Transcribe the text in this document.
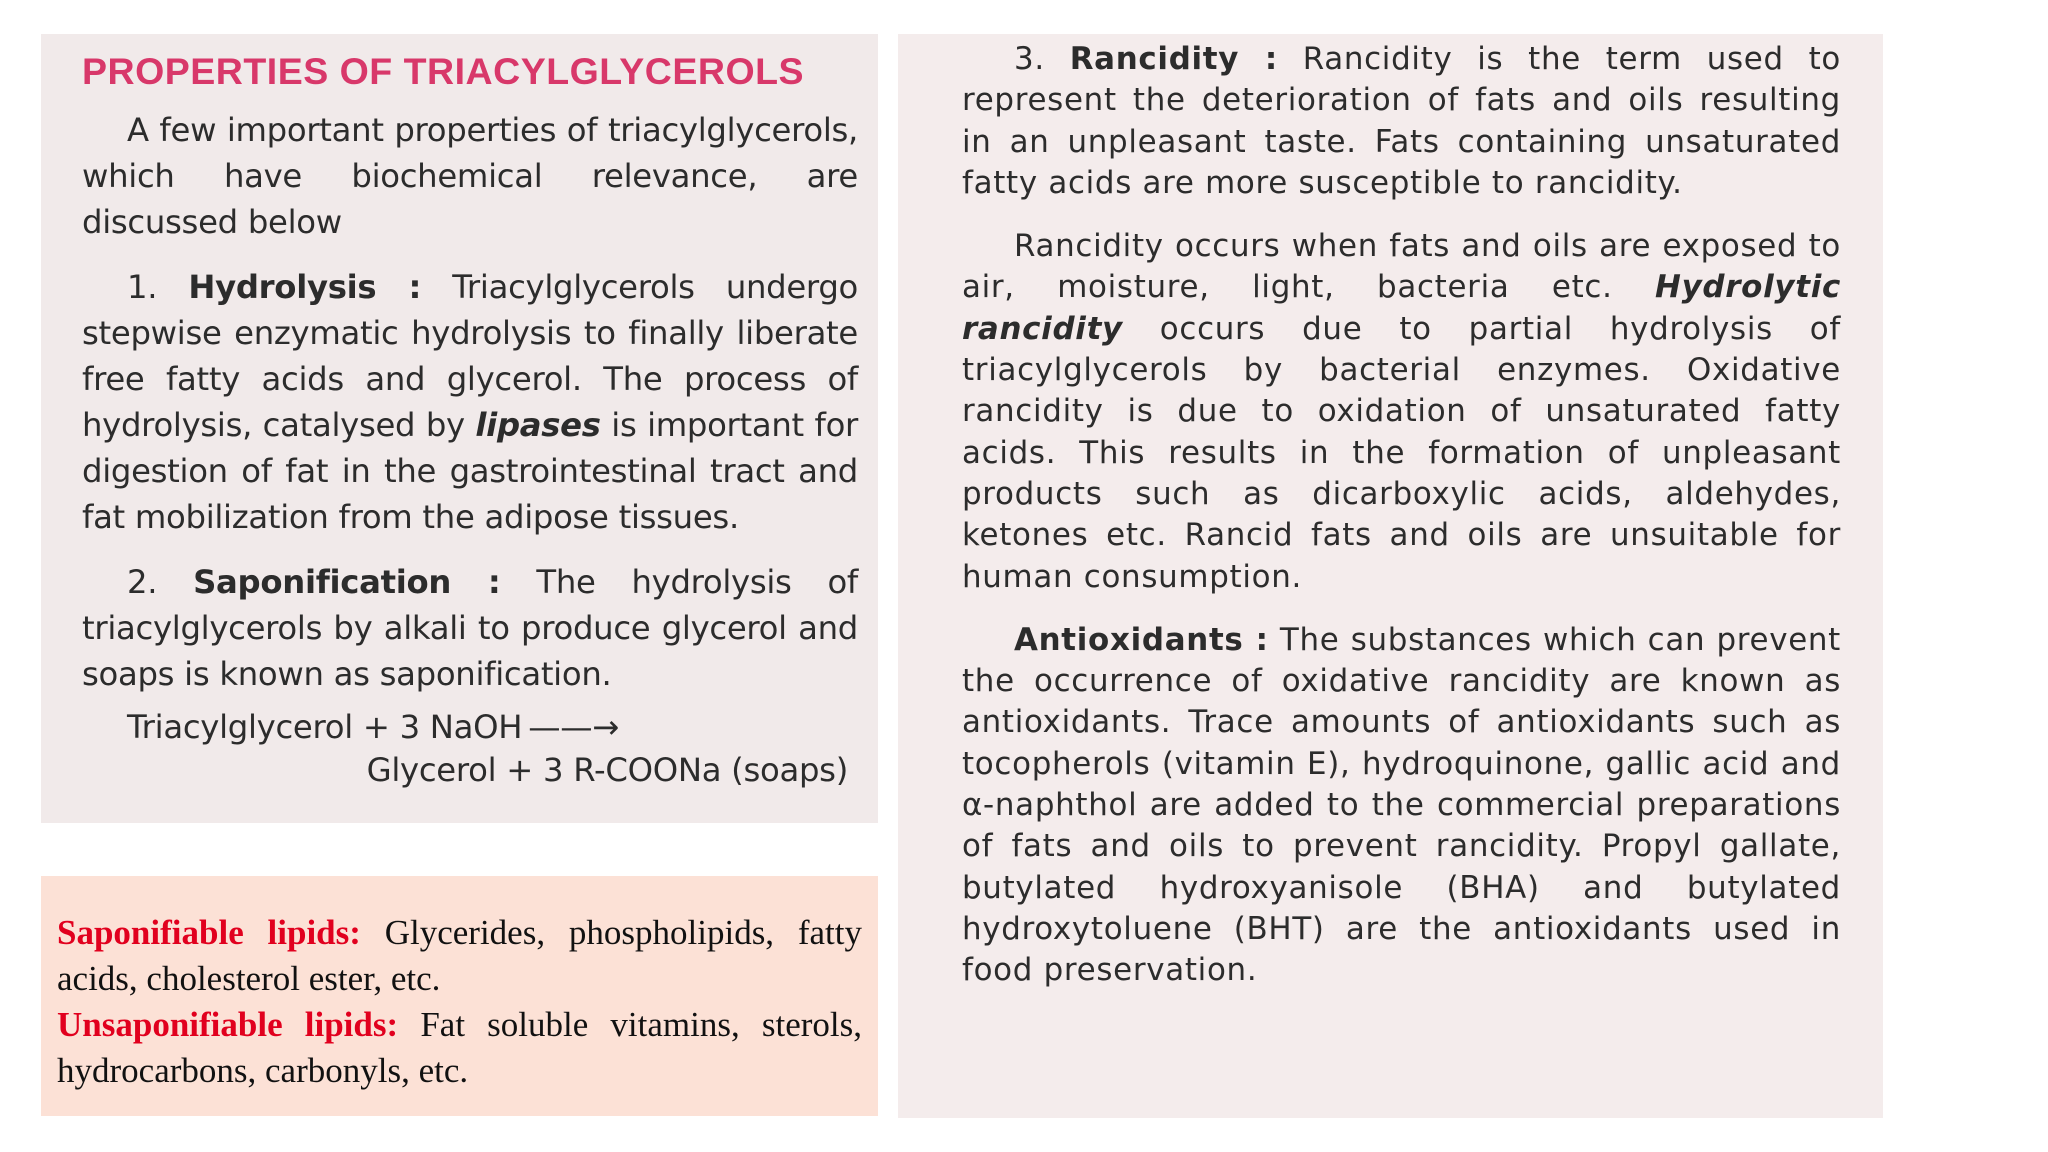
PROPERTIES OF TRIACYLGLYCEROLS

A few important properties of triacylglycerols, which have biochemical relevance, are discussed below

1. Hydrolysis : Triacylglycerols undergo stepwise enzymatic hydrolysis to finally liberate free fatty acids and glycerol. The process of hydrolysis, catalysed by lipases is important for digestion of fat in the gastrointestinal tract and fat mobilization from the adipose tissues.

2. Saponification : The hydrolysis of triacylglycerols by alkali to produce glycerol and soaps is known as saponification.

Triacylglycerol + 3 NaOH ——→
Glycerol + 3 R-COONa (soaps)

3. Rancidity : Rancidity is the term used to represent the deterioration of fats and oils resulting in an unpleasant taste. Fats containing unsaturated fatty acids are more susceptible to rancidity.

Rancidity occurs when fats and oils are exposed to air, moisture, light, bacteria etc. Hydrolytic rancidity occurs due to partial hydrolysis of triacylglycerols by bacterial enzymes. Oxidative rancidity is due to oxidation of unsaturated fatty acids. This results in the formation of unpleasant products such as dicarboxylic acids, aldehydes, ketones etc. Rancid fats and oils are unsuitable for human consumption.

Antioxidants : The substances which can prevent the occurrence of oxidative rancidity are known as antioxidants. Trace amounts of antioxidants such as tocopherols (vitamin E), hydroquinone, gallic acid and α-naphthol are added to the commercial preparations of fats and oils to prevent rancidity. Propyl gallate, butylated hydroxyanisole (BHA) and butylated hydroxytoluene (BHT) are the antioxidants used in food preservation.

Saponifiable lipids: Glycerides, phospholipids, fatty acids, cholesterol ester, etc.

Unsaponifiable lipids: Fat soluble vitamins, sterols, hydrocarbons, carbonyls, etc.
